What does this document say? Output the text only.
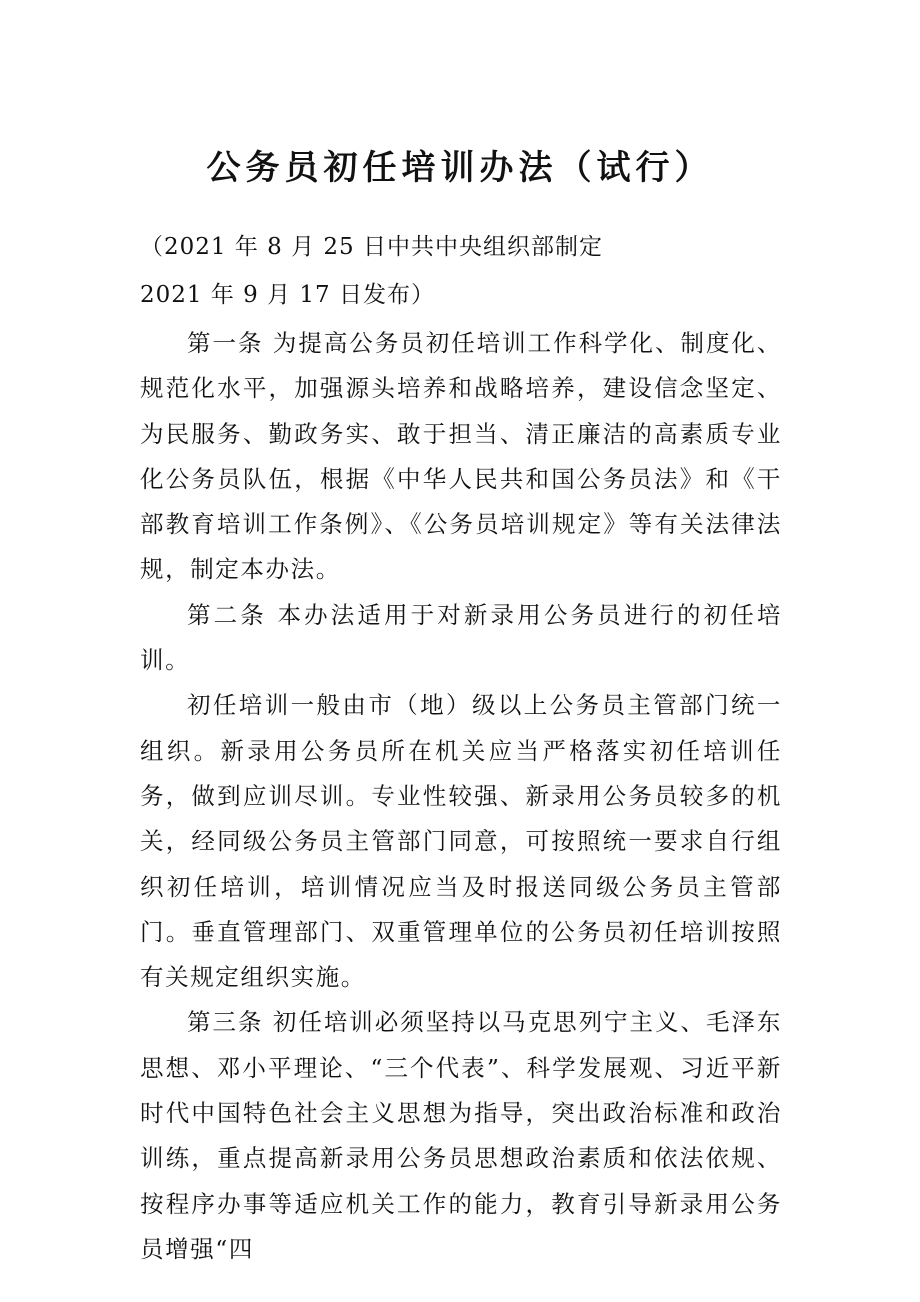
公务员初任培训办法（试行）
（2021 年 8 月 25 日中共中央组织部制定
2021 年 9 月 17 日发布）

第一条 为提高公务员初任培训工作科学化、制度化、规范化水平，加强源头培养和战略培养，建设信念坚定、为民服务、勤政务实、敢于担当、清正廉洁的高素质专业化公务员队伍，根据《中华人民共和国公务员法》和《干部教育培训工作条例》、《公务员培训规定》等有关法律法规，制定本办法。

第二条 本办法适用于对新录用公务员进行的初任培训。

初任培训一般由市（地）级以上公务员主管部门统一组织。新录用公务员所在机关应当严格落实初任培训任务，做到应训尽训。专业性较强、新录用公务员较多的机关，经同级公务员主管部门同意，可按照统一要求自行组织初任培训，培训情况应当及时报送同级公务员主管部门。垂直管理部门、双重管理单位的公务员初任培训按照有关规定组织实施。

第三条 初任培训必须坚持以马克思列宁主义、毛泽东思想、邓小平理论、“三个代表”、科学发展观、习近平新时代中国特色社会主义思想为指导，突出政治标准和政治训练，重点提高新录用公务员思想政治素质和依法依规、按程序办事等适应机关工作的能力，教育引导新录用公务员增强“四
